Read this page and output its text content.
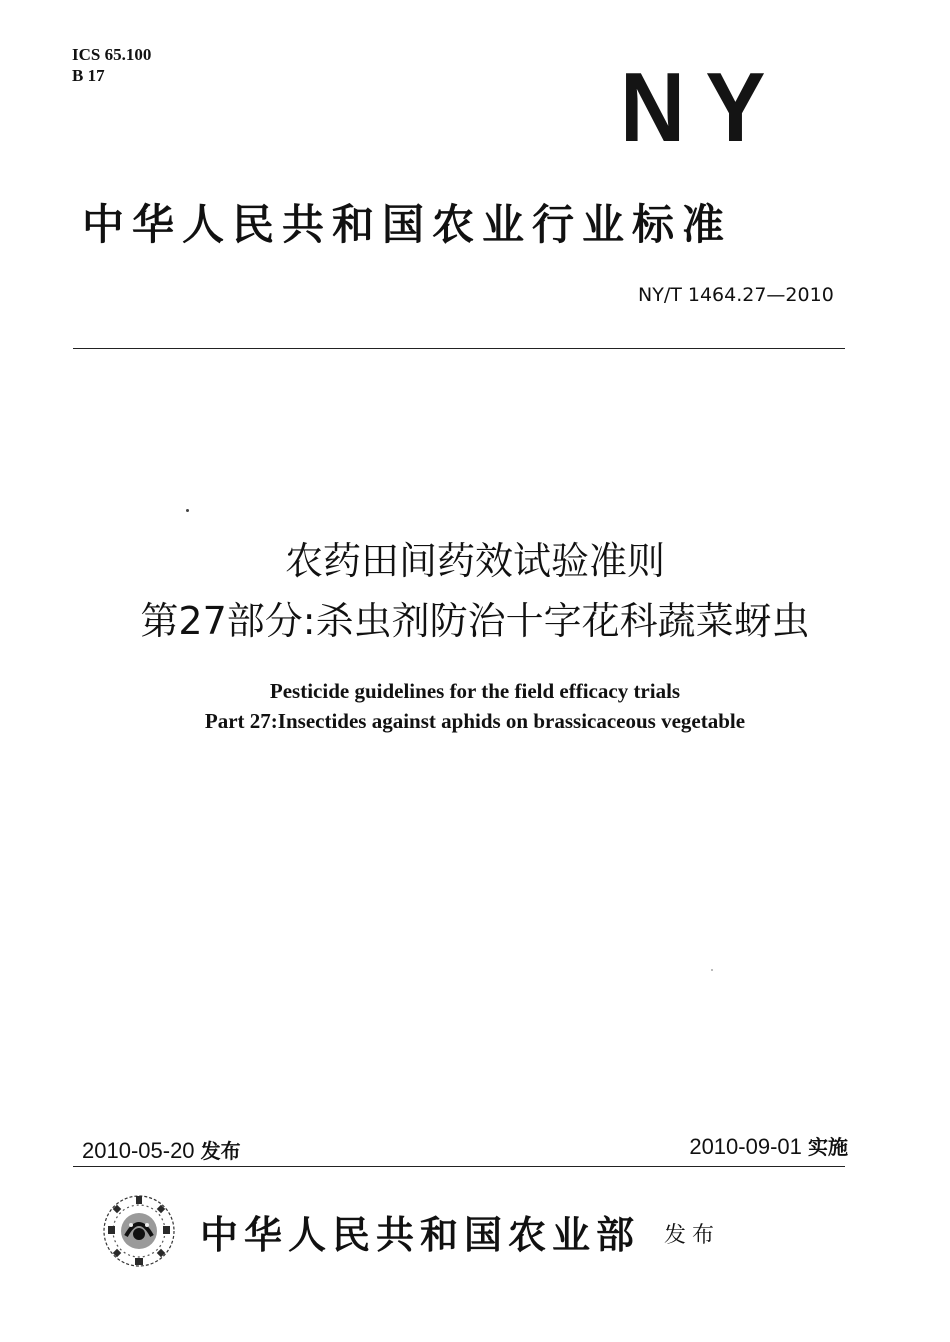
ICS 65.100
B 17	NY
中华人民共和国农业行业标准
NY/T 1464.27—2010
农药田间药效试验准则
第27部分:杀虫剂防治十字花科蔬菜蚜虫
Pesticide guidelines for the field efficacy trials
Part 27:Insectides against aphids on brassicaceous vegetable
2010-05-20 发布	2010-09-01 实施
中华人民共和国农业部 发布
